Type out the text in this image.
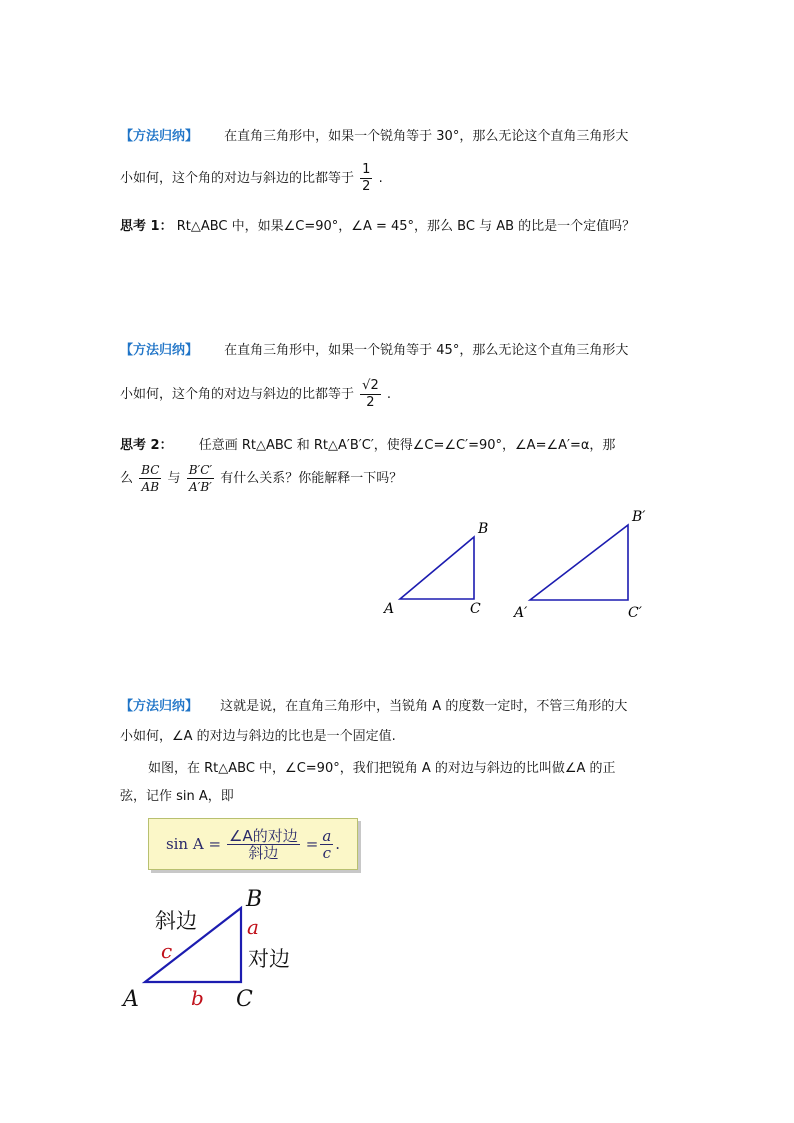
【方法归纳】 在直角三角形中，如果一个锐角等于 30°，那么无论这个直角三角形大
小如何，这个角的对边与斜边的比都等于 $\frac{1}{2}$ .
思考 1： Rt△ABC 中，如果∠C=90°，∠A = 45°，那么 BC 与 AB 的比是一个定值吗？
【方法归纳】 在直角三角形中，如果一个锐角等于 45°，那么无论这个直角三角形大
小如何，这个角的对边与斜边的比都等于 $\frac{√2}{2}$ .
思考 2： 任意画 Rt△ABC 和 Rt△A′B′C′，使得∠C=∠C′=90°，∠A=∠A′=α，那
么 $\frac{BC}{AB}$ 与 $\frac{B'C'}{A'B'}$ 有什么关系？你能解释一下吗？
A
B
C A′
B′
C′
【方法归纳】 这就是说，在直角三角形中，当锐角 A 的度数一定时，不管三角形的大
小如何，∠A 的对边与斜边的比也是一个固定值.
如图，在 Rt△ABC 中，∠C=90°，我们把锐角 A 的对边与斜边的比叫做∠A 的正
弦，记作 sin A，即
$\sin A = \frac{\text{∠A的对边}}{\text{斜边}} = \frac{a}{c}$ .
A
B
C
a
b
c
斜边
对边
